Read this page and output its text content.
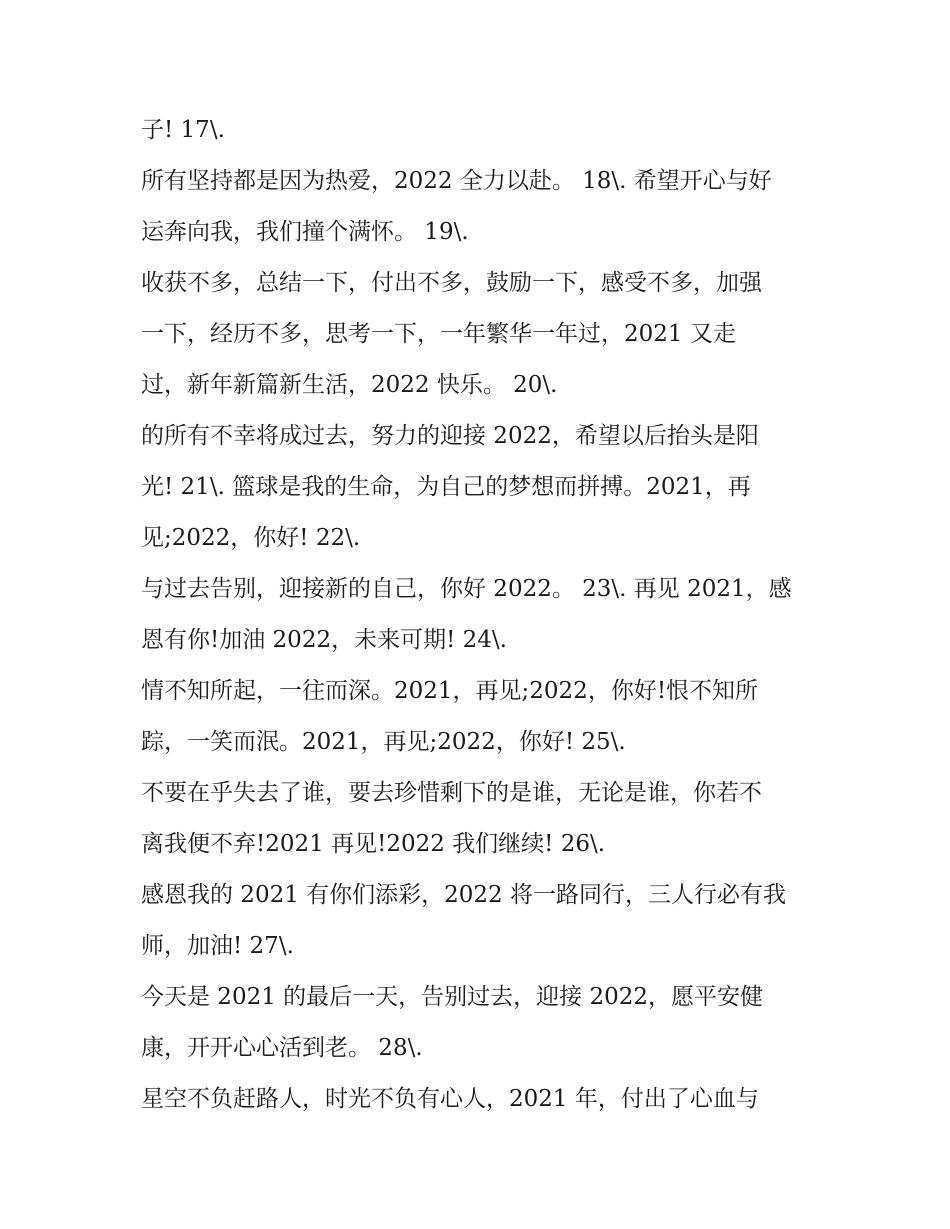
子! 17\.
所有坚持都是因为热爱，2022 全力以赴。 18\. 希望开心与好
运奔向我，我们撞个满怀。 19\.
收获不多，总结一下，付出不多，鼓励一下，感受不多，加强
一下，经历不多，思考一下，一年繁华一年过，2021 又走
过，新年新篇新生活，2022 快乐。 20\.
的所有不幸将成过去，努力的迎接 2022，希望以后抬头是阳
光! 21\. 篮球是我的生命，为自己的梦想而拼搏。2021，再
见;2022，你好! 22\.
与过去告别，迎接新的自己，你好 2022。 23\. 再见 2021，感
恩有你!加油 2022，未来可期! 24\.
情不知所起，一往而深。2021，再见;2022，你好!恨不知所
踪，一笑而泯。2021，再见;2022，你好! 25\.
不要在乎失去了谁，要去珍惜剩下的是谁，无论是谁，你若不
离我便不弃!2021 再见!2022 我们继续! 26\.
感恩我的 2021 有你们添彩，2022 将一路同行，三人行必有我
师，加油! 27\.
今天是 2021 的最后一天，告别过去，迎接 2022，愿平安健
康，开开心心活到老。 28\.
星空不负赶路人，时光不负有心人，2021 年，付出了心血与
